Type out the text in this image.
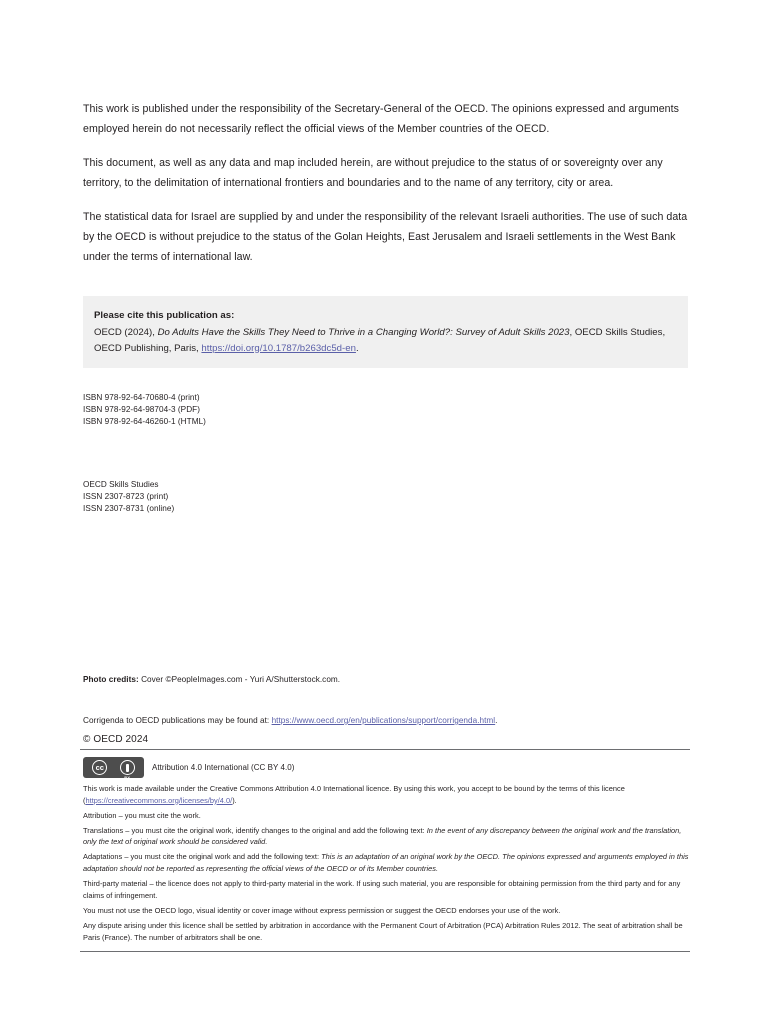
This work is published under the responsibility of the Secretary-General of the OECD. The opinions expressed and arguments employed herein do not necessarily reflect the official views of the Member countries of the OECD.

This document, as well as any data and map included herein, are without prejudice to the status of or sovereignty over any territory, to the delimitation of international frontiers and boundaries and to the name of any territory, city or area.

The statistical data for Israel are supplied by and under the responsibility of the relevant Israeli authorities. The use of such data by the OECD is without prejudice to the status of the Golan Heights, East Jerusalem and Israeli settlements in the West Bank under the terms of international law.

Please cite this publication as:

OECD (2024), Do Adults Have the Skills They Need to Thrive in a Changing World?: Survey of Adult Skills 2023, OECD Skills Studies, OECD Publishing, Paris, https://doi.org/10.1787/b263dc5d-en.

ISBN 978-92-64-70680-4 (print)

ISBN 978-92-64-98704-3 (PDF)

ISBN 978-92-64-46260-1 (HTML)

OECD Skills Studies

ISSN 2307-8723 (print)

ISSN 2307-8731 (online)

Photo credits: Cover ©PeopleImages.com - Yuri A/Shutterstock.com.

Corrigenda to OECD publications may be found at: https://www.oecd.org/en/publications/support/corrigenda.html.

© OECD 2024

cc
BY
Attribution 4.0 International (CC BY 4.0)

This work is made available under the Creative Commons Attribution 4.0 International licence. By using this work, you accept to be bound by the terms of this licence
(https://creativecommons.org/licenses/by/4.0/).

Attribution – you must cite the work.

Translations – you must cite the original work, identify changes to the original and add the following text: In the event of any discrepancy between the original work and the translation, only the text of original work should be considered valid.

Adaptations – you must cite the original work and add the following text: This is an adaptation of an original work by the OECD. The opinions expressed and arguments employed in this adaptation should not be reported as representing the official views of the OECD or of its Member countries.

Third-party material – the licence does not apply to third-party material in the work. If using such material, you are responsible for obtaining permission from the third party and for any claims of infringement.

You must not use the OECD logo, visual identity or cover image without express permission or suggest the OECD endorses your use of the work.

Any dispute arising under this licence shall be settled by arbitration in accordance with the Permanent Court of Arbitration (PCA) Arbitration Rules 2012. The seat of arbitration shall be Paris (France). The number of arbitrators shall be one.
